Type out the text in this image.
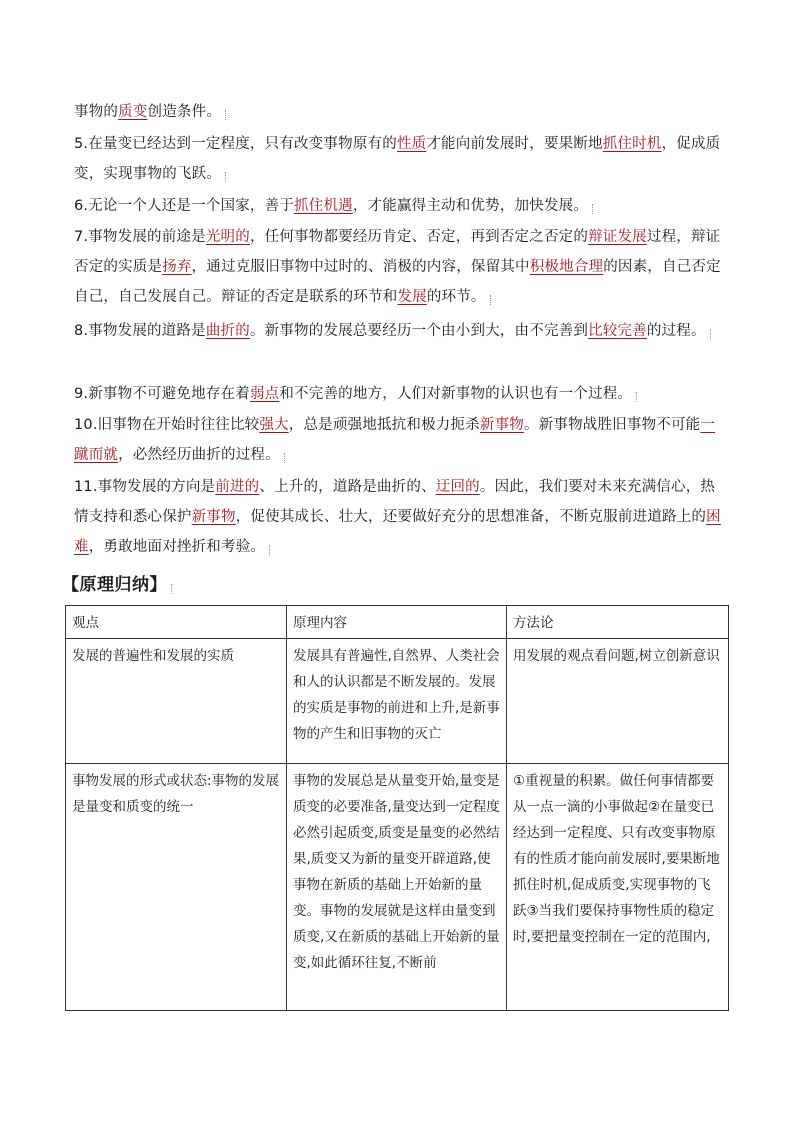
事物的质变创造条件。

5.在量变已经达到一定程度，只有改变事物原有的性质才能向前发展时，要果断地抓住时机，促成质变，实现事物的飞跃。

6.无论一个人还是一个国家，善于抓住机遇，才能赢得主动和优势，加快发展。

7.事物发展的前途是光明的，任何事物都要经历肯定、否定，再到否定之否定的辩证发展过程，辩证否定的实质是扬弃，通过克服旧事物中过时的、消极的内容，保留其中积极地合理的因素，自己否定自己，自己发展自己。辩证的否定是联系的环节和发展的环节。

8.事物发展的道路是曲折的。新事物的发展总要经历一个由小到大，由不完善到比较完善的过程。

9.新事物不可避免地存在着弱点和不完善的地方，人们对新事物的认识也有一个过程。

10.旧事物在开始时往往比较强大，总是顽强地抵抗和极力扼杀新事物。新事物战胜旧事物不可能一蹴而就，必然经历曲折的过程。

11.事物发展的方向是前进的、上升的，道路是曲折的、迂回的。因此，我们要对未来充满信心，热情支持和悉心保护新事物，促使其成长、壮大，还要做好充分的思想准备，不断克服前进道路上的困难，勇敢地面对挫折和考验。

【原理归纳】
观点	原理内容	方法论
发展的普遍性和发展的实质	发展具有普遍性,自然界、人类社会和人的认识都是不断发展的。发展的实质是事物的前进和上升,是新事物的产生和旧事物的灭亡	用发展的观点看问题,树立创新意识

事物发展的形式或状态:事物的发展是量变和质变的统一	事物的发展总是从量变开始,量变是质变的必要准备,量变达到一定程度必然引起质变,质变是量变的必然结果,质变又为新的量变开辟道路,使事物在新质的基础上开始新的量变。事物的发展就是这样由量变到质变,又在新质的基础上开始新的量变,如此循环往复,不断前	①重视量的积累。做任何事情都要从一点一滴的小事做起②在量变已经达到一定程度、只有改变事物原有的性质才能向前发展时,要果断地抓住时机,促成质变,实现事物的飞跃③当我们要保持事物性质的稳定时,要把量变控制在一定的范围内,
